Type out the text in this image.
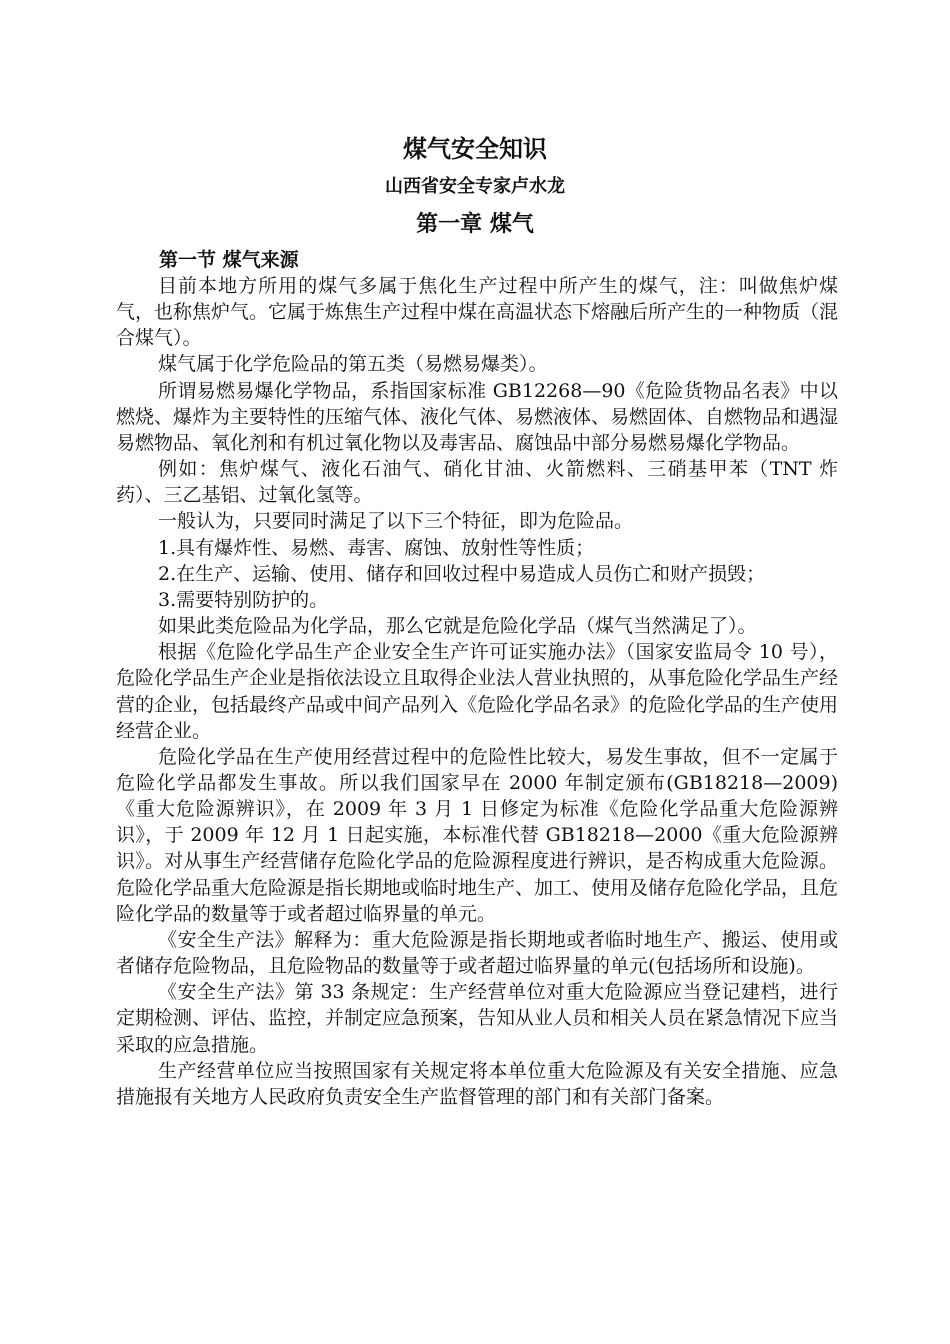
煤气安全知识
山西省安全专家卢水龙
第一章 煤气
第一节 煤气来源

目前本地方所用的煤气多属于焦化生产过程中所产生的煤气，注：叫做焦炉煤气，也称焦炉气。它属于炼焦生产过程中煤在高温状态下熔融后所产生的一种物质（混合煤气）。

煤气属于化学危险品的第五类（易燃易爆类）。

所谓易燃易爆化学物品，系指国家标准 GB12268—90《危险货物品名表》中以燃烧、爆炸为主要特性的压缩气体、液化气体、易燃液体、易燃固体、自燃物品和遇湿易燃物品、氧化剂和有机过氧化物以及毒害品、腐蚀品中部分易燃易爆化学物品。

例如：焦炉煤气、液化石油气、硝化甘油、火箭燃料、三硝基甲苯（TNT 炸药）、三乙基铝、过氧化氢等。

一般认为，只要同时满足了以下三个特征，即为危险品。

1.具有爆炸性、易燃、毒害、腐蚀、放射性等性质；

2.在生产、运输、使用、储存和回收过程中易造成人员伤亡和财产损毁；

3.需要特别防护的。

如果此类危险品为化学品，那么它就是危险化学品（煤气当然满足了）。

根据《危险化学品生产企业安全生产许可证实施办法》（国家安监局令 10 号），危险化学品生产企业是指依法设立且取得企业法人营业执照的，从事危险化学品生产经营的企业，包括最终产品或中间产品列入《危险化学品名录》的危险化学品的生产使用经营企业。

危险化学品在生产使用经营过程中的危险性比较大，易发生事故，但不一定属于危险化学品都发生事故。所以我们国家早在 2000 年制定颁布(GB18218—2009) 《重大危险源辨识》，在 2009 年 3 月 1 日修定为标准《危险化学品重大危险源辨识》，于 2009 年 12 月 1 日起实施，本标准代替 GB18218—2000《重大危险源辨识》。对从事生产经营储存危险化学品的危险源程度进行辨识，是否构成重大危险源。危险化学品重大危险源是指长期地或临时地生产、加工、使用及储存危险化学品，且危险化学品的数量等于或者超过临界量的单元。

《安全生产法》解释为：重大危险源是指长期地或者临时地生产、搬运、使用或者储存危险物品，且危险物品的数量等于或者超过临界量的单元(包括场所和设施)。

《安全生产法》第 33 条规定：生产经营单位对重大危险源应当登记建档，进行定期检测、评估、监控，并制定应急预案，告知从业人员和相关人员在紧急情况下应当采取的应急措施。

生产经营单位应当按照国家有关规定将本单位重大危险源及有关安全措施、应急措施报有关地方人民政府负责安全生产监督管理的部门和有关部门备案。
